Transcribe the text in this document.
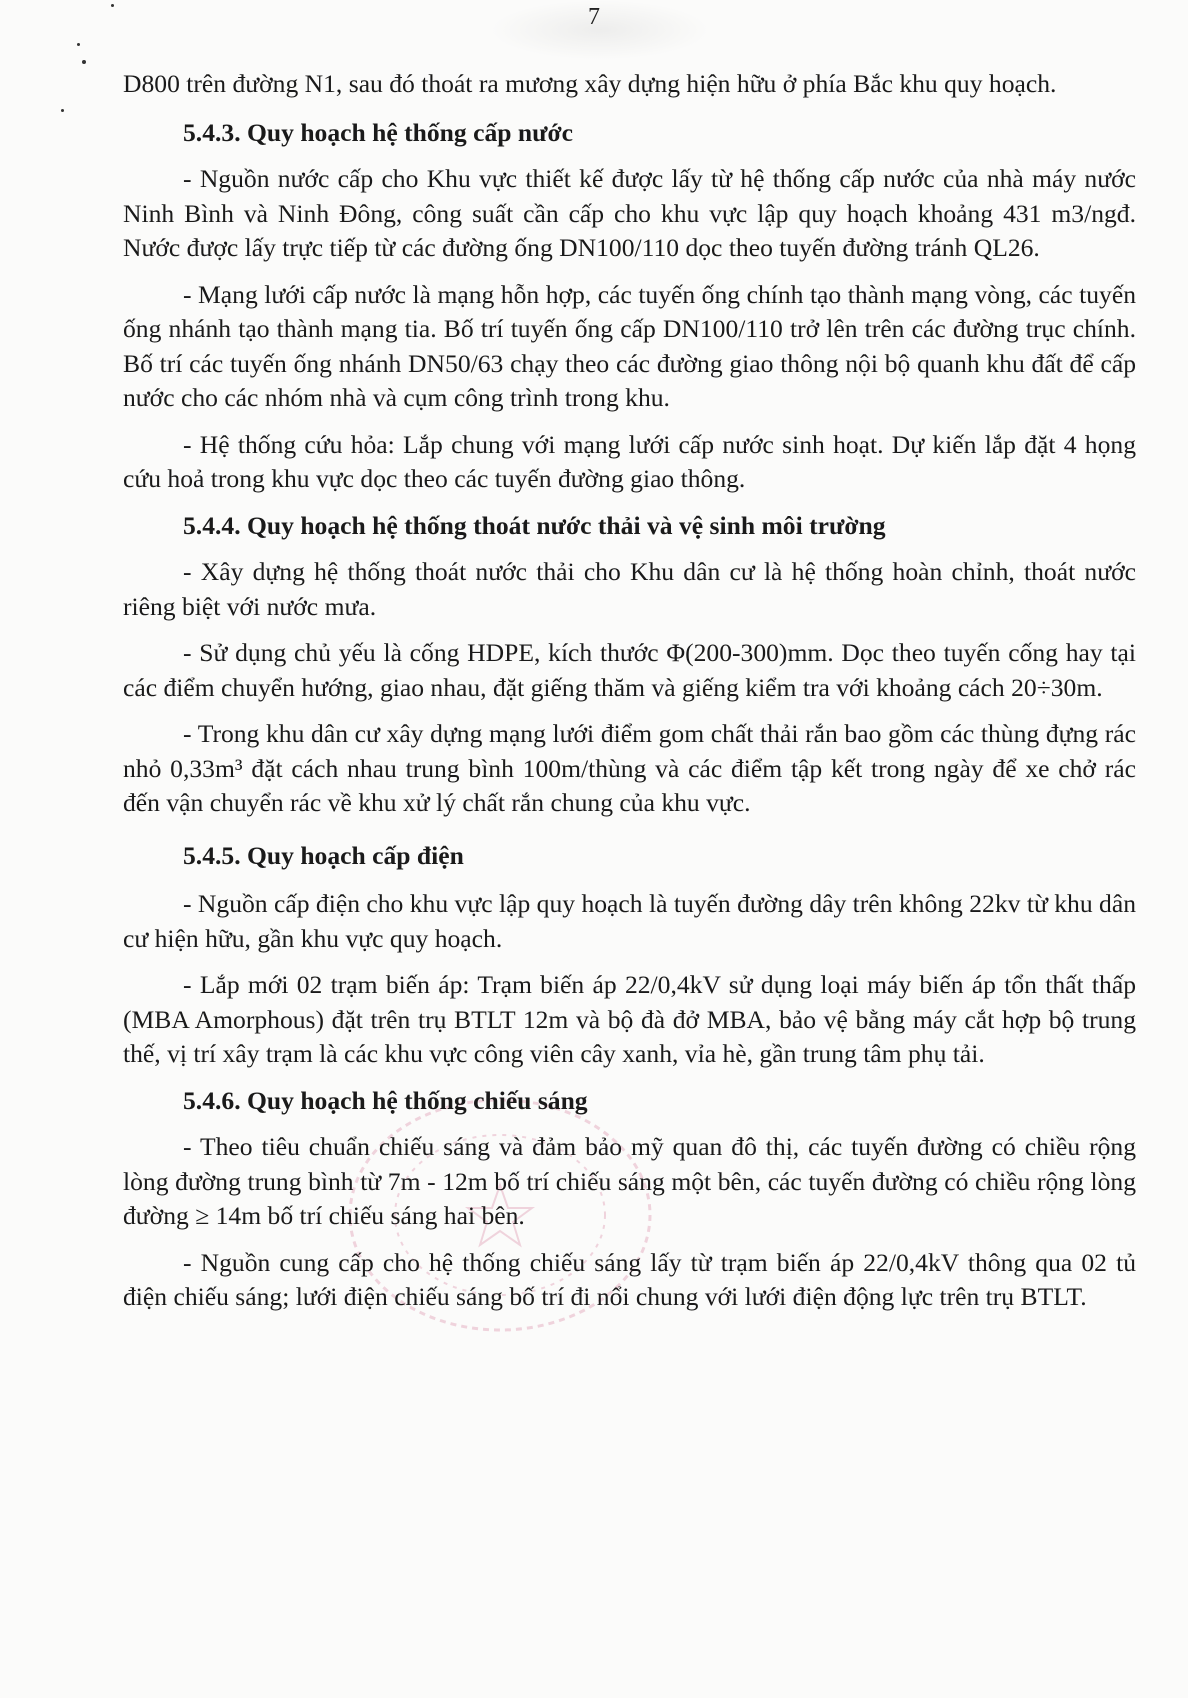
7

D800 trên đường N1, sau đó thoát ra mương xây dựng hiện hữu ở phía Bắc khu quy hoạch.

5.4.3. Quy hoạch hệ thống cấp nước

- Nguồn nước cấp cho Khu vực thiết kế được lấy từ hệ thống cấp nước của nhà máy nước Ninh Bình và Ninh Đông, công suất cần cấp cho khu vực lập quy hoạch khoảng 431 m3/ngđ. Nước được lấy trực tiếp từ các đường ống DN100/110 dọc theo tuyến đường tránh QL26.

- Mạng lưới cấp nước là mạng hỗn hợp, các tuyến ống chính tạo thành mạng vòng, các tuyến ống nhánh tạo thành mạng tia. Bố trí tuyến ống cấp DN100/110 trở lên trên các đường trục chính. Bố trí các tuyến ống nhánh DN50/63 chạy theo các đường giao thông nội bộ quanh khu đất để cấp nước cho các nhóm nhà và cụm công trình trong khu.

- Hệ thống cứu hỏa: Lắp chung với mạng lưới cấp nước sinh hoạt. Dự kiến lắp đặt 4 họng cứu hoả trong khu vực dọc theo các tuyến đường giao thông.

5.4.4. Quy hoạch hệ thống thoát nước thải và vệ sinh môi trường

- Xây dựng hệ thống thoát nước thải cho Khu dân cư là hệ thống hoàn chỉnh, thoát nước riêng biệt với nước mưa.

- Sử dụng chủ yếu là cống HDPE, kích thước Φ(200-300)mm. Dọc theo tuyến cống hay tại các điểm chuyển hướng, giao nhau, đặt giếng thăm và giếng kiểm tra với khoảng cách 20÷30m.

- Trong khu dân cư xây dựng mạng lưới điểm gom chất thải rắn bao gồm các thùng đựng rác nhỏ 0,33m³ đặt cách nhau trung bình 100m/thùng và các điểm tập kết trong ngày để xe chở rác đến vận chuyển rác về khu xử lý chất rắn chung của khu vực.

5.4.5. Quy hoạch cấp điện

- Nguồn cấp điện cho khu vực lập quy hoạch là tuyến đường dây trên không 22kv từ khu dân cư hiện hữu, gần khu vực quy hoạch.

- Lắp mới 02 trạm biến áp: Trạm biến áp 22/0,4kV sử dụng loại máy biến áp tổn thất thấp (MBA Amorphous) đặt trên trụ BTLT 12m và bộ đà đở MBA, bảo vệ bằng máy cắt hợp bộ trung thế, vị trí xây trạm là các khu vực công viên cây xanh, vỉa hè, gần trung tâm phụ tải.

5.4.6. Quy hoạch hệ thống chiếu sáng

- Theo tiêu chuẩn chiếu sáng và đảm bảo mỹ quan đô thị, các tuyến đường có chiều rộng lòng đường trung bình từ 7m - 12m bố trí chiếu sáng một bên, các tuyến đường có chiều rộng lòng đường ≥ 14m bố trí chiếu sáng hai bên.

- Nguồn cung cấp cho hệ thống chiếu sáng lấy từ trạm biến áp 22/0,4kV thông qua 02 tủ điện chiếu sáng; lưới điện chiếu sáng bố trí đi nổi chung với lưới điện động lực trên trụ BTLT.
